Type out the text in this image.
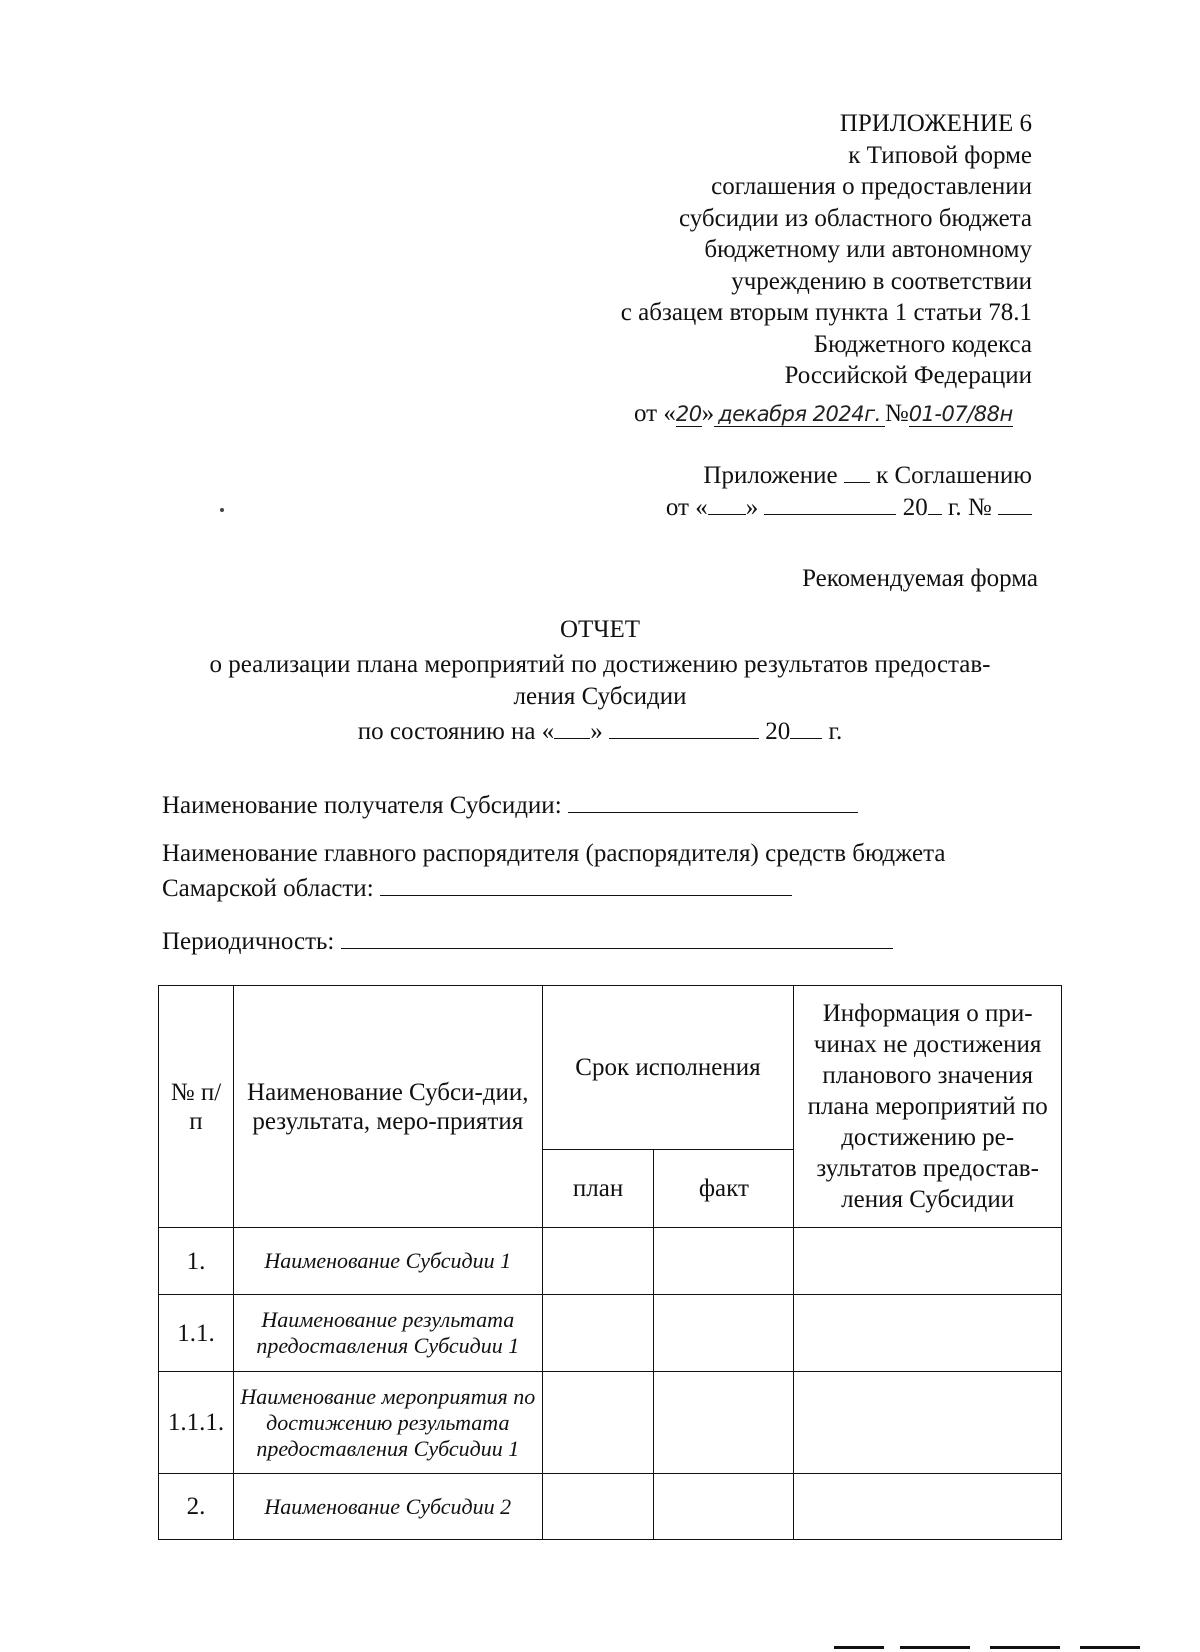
ПРИЛОЖЕНИЕ 6
к Типовой форме
соглашения о предоставлении
субсидии из областного бюджета
бюджетному или автономному
учреждению в соответствии
с абзацем вторым пункта 1 статьи 78.1
Бюджетного кодекса
Российской Федерации
от «20» декабря 2024г. №01-07/88н
Приложение к Соглашению
от « »	20 г. №
Рекомендуемая форма
ОТЧЕТ
о реализации плана мероприятий по достижению результатов предостав-
ления Субсидии
по состоянию на « »	20 г.
Наименование получателя Субсидии:
Наименование главного распорядителя (распорядителя) средств бюджета
Самарской области:
Периодичность:
№ п/п	Наименование Субси-дии, результата, меро-приятия	Срок исполнения		Информация о при-чинах не достижения планового значения плана мероприятий по достижению ре-зультатов предостав-ления Субсидии
		план	факт	
1.	Наименование Субсидии 1			
1.1.	Наименование результата предоставления Субсидии 1			
1.1.1.	Наименование мероприятия по достижению результата предоставления Субсидии 1			
2.	Наименование Субсидии 2			
